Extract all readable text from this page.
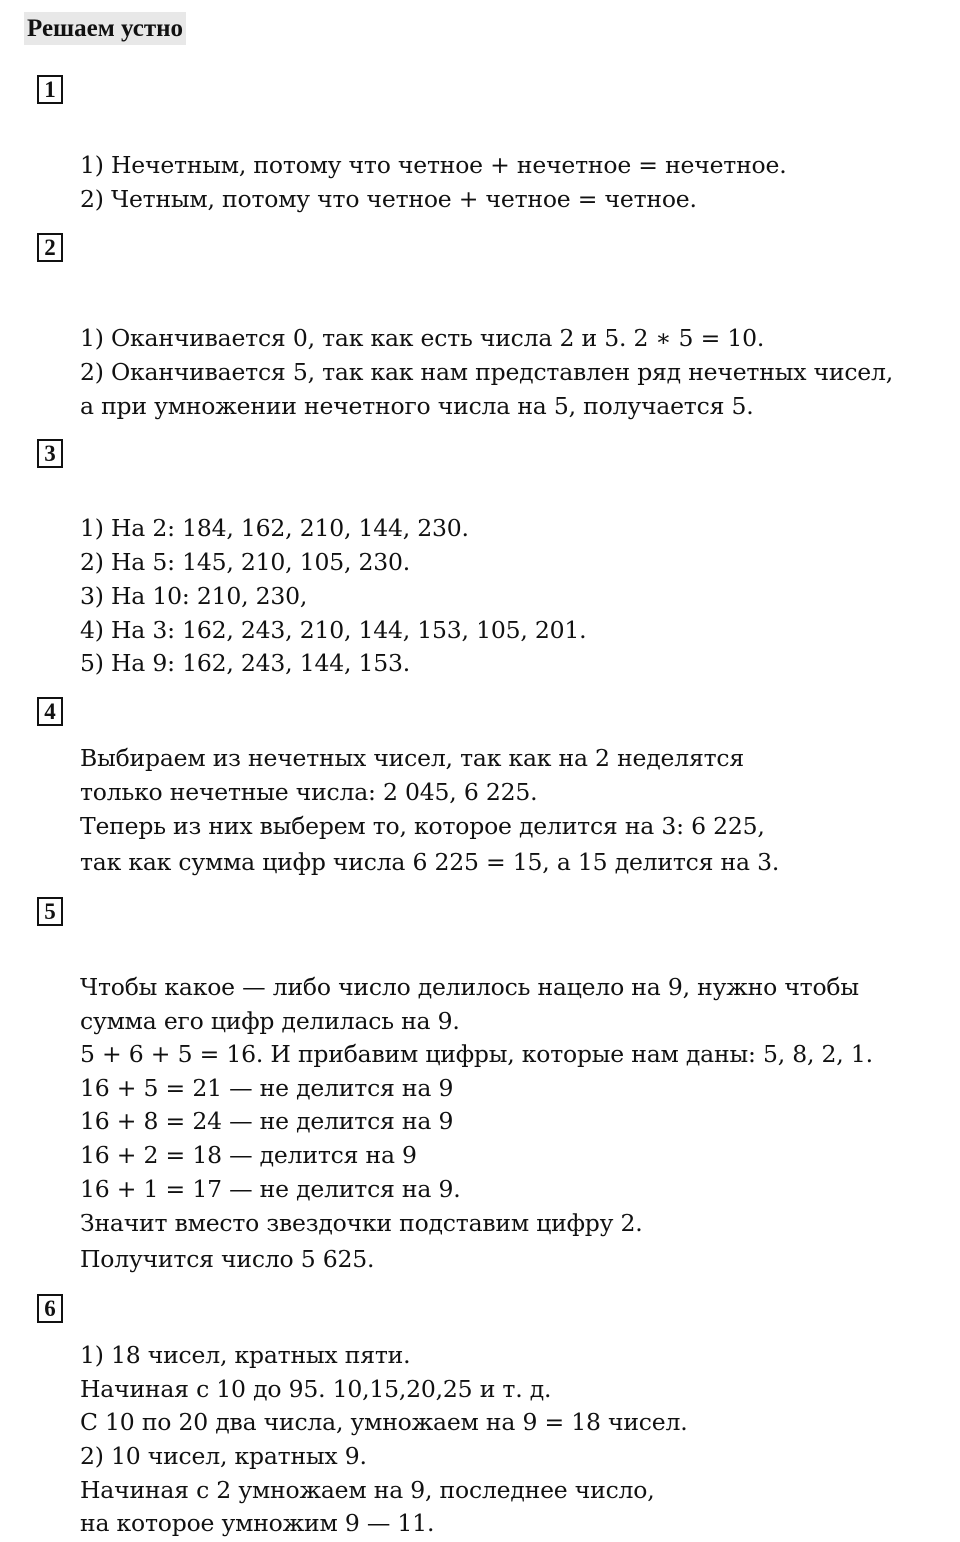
Решаем устно
1
1) Нечетным, потому что четное + нечетное = нечетное.
2) Четным, потому что четное + четное = четное.
2
1) Оканчивается 0, так как есть числа 2 и 5. 2 ∗ 5 = 10.
2) Оканчивается 5, так как нам представлен ряд нечетных чисел,
а при умножении нечетного числа на 5, получается 5.
3
1) На 2: 184, 162, 210, 144, 230.
2) На 5: 145, 210, 105, 230.
3) На 10: 210, 230,
4) На 3: 162, 243, 210, 144, 153, 105, 201.
5) На 9: 162, 243, 144, 153.
4
Выбираем из нечетных чисел, так как на 2 неделятся
только нечетные числа: 2 045, 6 225.
Теперь из них выберем то, которое делится на 3: 6 225,
так как сумма цифр числа 6 225 = 15, а 15 делится на 3.
5
Чтобы какое — либо число делилось нацело на 9, нужно чтобы
сумма его цифр делилась на 9.
5 + 6 + 5 = 16. И прибавим цифры, которые нам даны: 5, 8, 2, 1.
16 + 5 = 21 — не делится на 9
16 + 8 = 24 — не делится на 9
16 + 2 = 18 — делится на 9
16 + 1 = 17 — не делится на 9.
Значит вместо звездочки подставим цифру 2.
Получится число 5 625.
6
1) 18 чисел, кратных пяти.
Начиная с 10 до 95. 10,15,20,25 и т. д.
С 10 по 20 два числа, умножаем на 9 = 18 чисел.
2) 10 чисел, кратных 9.
Начиная с 2 умножаем на 9, последнее число,
на которое умножим 9 — 11.
